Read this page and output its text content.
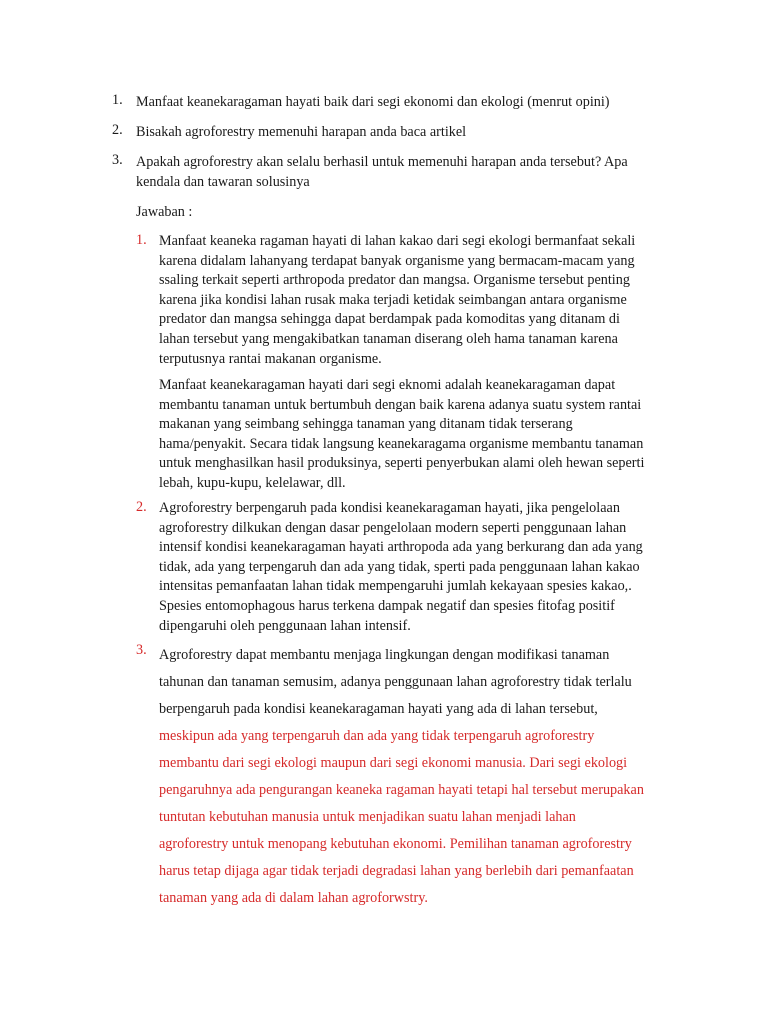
1. Manfaat keanekaragaman hayati baik dari segi ekonomi dan ekologi (menrut opini)
2. Bisakah agroforestry memenuhi harapan anda baca artikel
3. Apakah agroforestry akan selalu berhasil untuk memenuhi harapan anda tersebut? Apa
kendala dan tawaran solusinya
Jawaban :
1. Manfaat keaneka ragaman hayati di lahan kakao dari segi ekologi bermanfaat sekali
karena didalam lahanyang terdapat banyak organisme yang bermacam-macam yang
ssaling terkait seperti arthropoda predator dan mangsa. Organisme tersebut penting
karena jika kondisi lahan rusak maka terjadi ketidak seimbangan antara organisme
predator dan mangsa sehingga dapat berdampak pada komoditas yang ditanam di
lahan tersebut yang mengakibatkan tanaman diserang oleh hama tanaman karena
terputusnya rantai makanan organisme.
Manfaat keanekaragaman hayati dari segi eknomi adalah keanekaragaman dapat
membantu tanaman untuk bertumbuh dengan baik karena adanya suatu system rantai
makanan yang seimbang sehingga tanaman yang ditanam tidak terserang
hama/penyakit. Secara tidak langsung keanekaragama organisme membantu tanaman
untuk menghasilkan hasil produksinya, seperti penyerbukan alami oleh hewan seperti
lebah, kupu-kupu, kelelawar, dll.
2. Agroforestry berpengaruh pada kondisi keanekaragaman hayati, jika pengelolaan
agroforestry dilkukan dengan dasar pengelolaan modern seperti penggunaan lahan
intensif kondisi keanekaragaman hayati arthropoda ada yang berkurang dan ada yang
tidak, ada yang terpengaruh dan ada yang tidak, sperti pada penggunaan lahan kakao
intensitas pemanfaatan lahan tidak mempengaruhi jumlah kekayaan spesies kakao,.
Spesies entomophagous harus terkena dampak negatif dan spesies fitofag positif
dipengaruhi oleh penggunaan lahan intensif.
3. Agroforestry dapat membantu menjaga lingkungan dengan modifikasi tanaman
tahunan dan tanaman semusim, adanya penggunaan lahan agroforestry tidak terlalu
berpengaruh pada kondisi keanekaragaman hayati yang ada di lahan tersebut,
meskipun ada yang terpengaruh dan ada yang tidak terpengaruh agroforestry
membantu dari segi ekologi maupun dari segi ekonomi manusia. Dari segi ekologi
pengaruhnya ada pengurangan keaneka ragaman hayati tetapi hal tersebut merupakan
tuntutan kebutuhan manusia untuk menjadikan suatu lahan menjadi lahan
agroforestry untuk menopang kebutuhan ekonomi. Pemilihan tanaman agroforestry
harus tetap dijaga agar tidak terjadi degradasi lahan yang berlebih dari pemanfaatan
tanaman yang ada di dalam lahan agroforwstry.
